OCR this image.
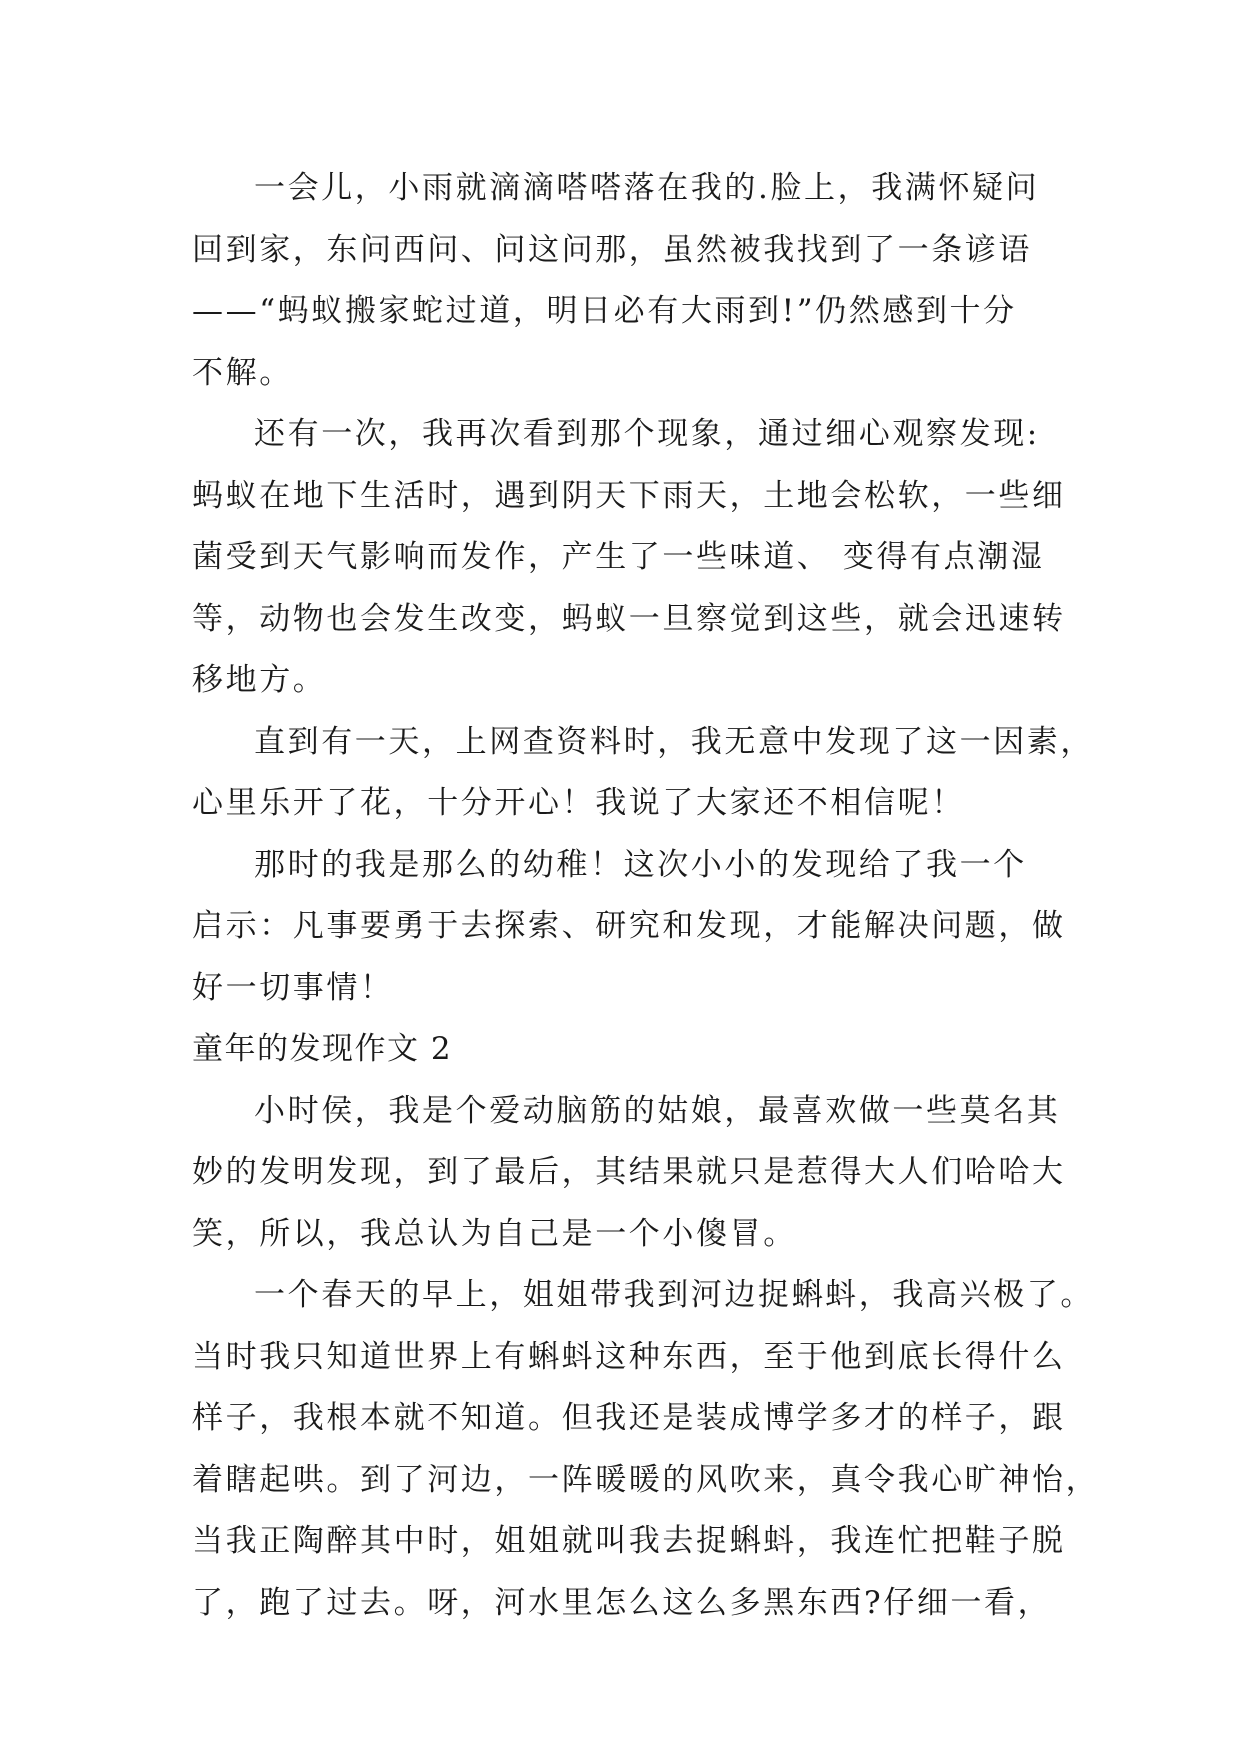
一会儿，小雨就滴滴嗒嗒落在我的.脸上，我满怀疑问
回到家，东问西问、问这问那，虽然被我找到了一条谚语
——“蚂蚁搬家蛇过道，明日必有大雨到!”仍然感到十分
不解。

还有一次，我再次看到那个现象，通过细心观察发现:
蚂蚁在地下生活时，遇到阴天下雨天，土地会松软，一些细
菌受到天气影响而发作，产生了一些味道、 变得有点潮湿
等，动物也会发生改变，蚂蚁一旦察觉到这些，就会迅速转
移地方。

直到有一天，上网查资料时，我无意中发现了这一因素，
心里乐开了花，十分开心！我说了大家还不相信呢！

那时的我是那么的幼稚！这次小小的发现给了我一个
启示：凡事要勇于去探索、研究和发现，才能解决问题，做
好一切事情！

童年的发现作文 2

小时侯，我是个爱动脑筋的姑娘，最喜欢做一些莫名其
妙的发明发现，到了最后，其结果就只是惹得大人们哈哈大
笑，所以，我总认为自己是一个小傻冒。

一个春天的早上，姐姐带我到河边捉蝌蚪，我高兴极了。
当时我只知道世界上有蝌蚪这种东西，至于他到底长得什么
样子，我根本就不知道。但我还是装成博学多才的样子，跟
着瞎起哄。到了河边，一阵暖暖的风吹来，真令我心旷神怡，
当我正陶醉其中时，姐姐就叫我去捉蝌蚪，我连忙把鞋子脱
了，跑了过去。呀，河水里怎么这么多黑东西?仔细一看，
